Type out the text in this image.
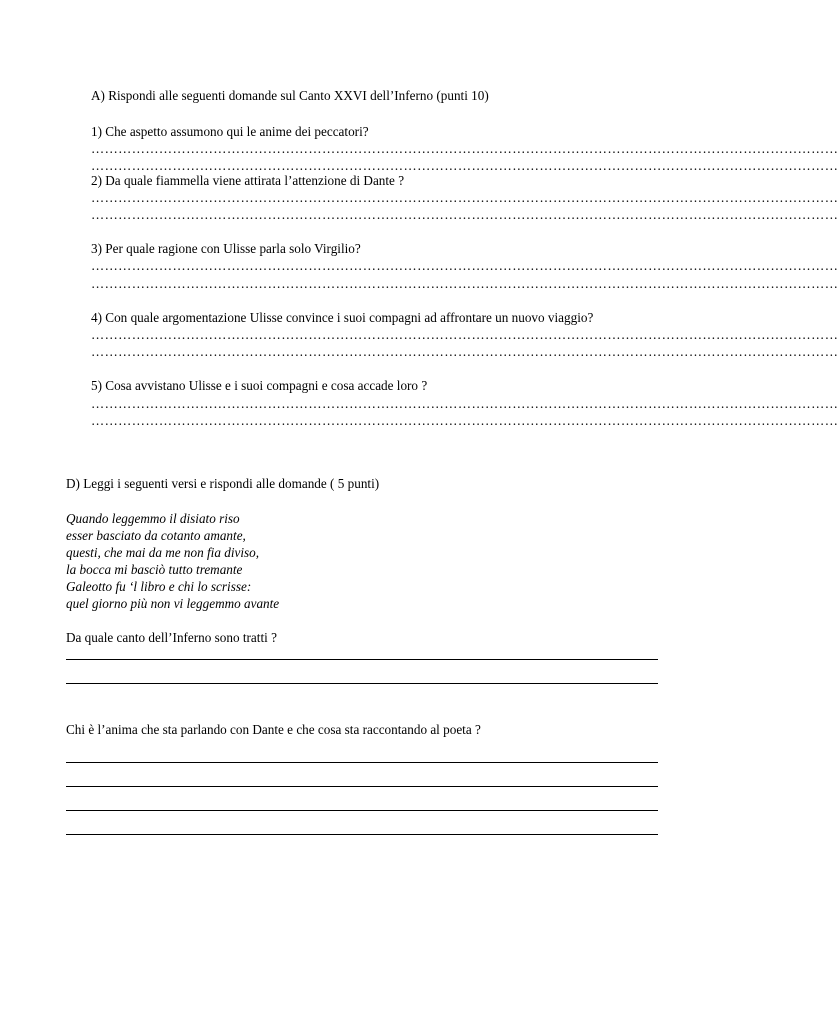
A) Rispondi alle seguenti domande sul Canto XXVI dell’Inferno (punti 10)
1) Che aspetto assumono qui le anime dei peccatori?
…………………………………………………………………………………………………………………………………………………
…………………………………………………………………………………………………………………………………………………
2) Da quale fiammella viene attirata l’attenzione di Dante ?
…………………………………………………………………………………………………………………………………………………
…………………………………………………………………………………………………………………………………………………
3) Per quale ragione con Ulisse parla solo Virgilio?
…………………………………………………………………………………………………………………………………………………
…………………………………………………………………………………………………………………………………………………
4) Con quale argomentazione Ulisse convince i suoi compagni ad affrontare un nuovo viaggio?
…………………………………………………………………………………………………………………………………………………
…………………………………………………………………………………………………………………………………………………
5) Cosa avvistano Ulisse e i suoi compagni e cosa accade loro ?
…………………………………………………………………………………………………………………………………………………
…………………………………………………………………………………………………………………………………………………
D) Leggi i seguenti versi e rispondi alle domande ( 5 punti)
Quando leggemmo il disiato riso
esser basciato da cotanto amante,
questi, che mai da me non fia diviso,
la bocca mi basciò tutto tremante
Galeotto fu ‘l libro e chi lo scrisse:
quel giorno più non vi leggemmo avante
Da quale canto dell’Inferno sono tratti ?
Chi è l’anima che sta parlando con Dante e che cosa sta raccontando al poeta ?
